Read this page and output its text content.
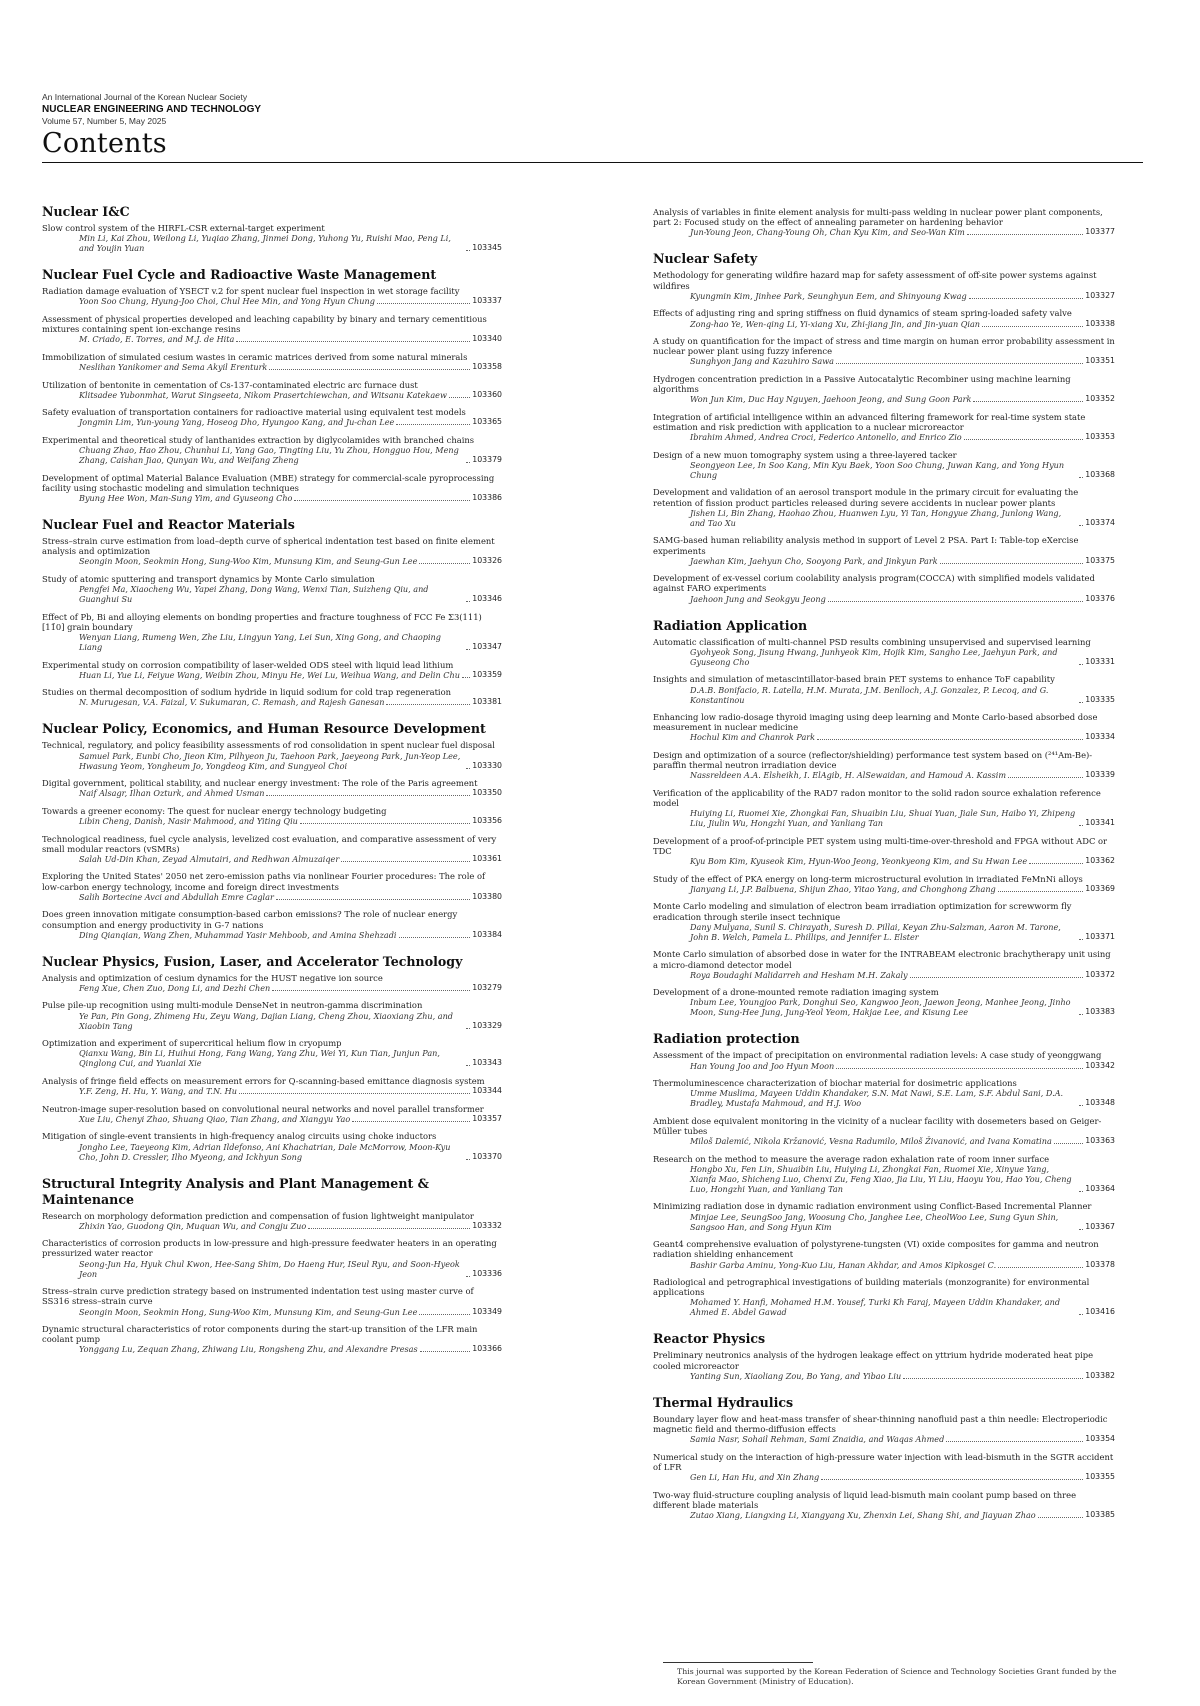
An International Journal of the Korean Nuclear Society
NUCLEAR ENGINEERING AND TECHNOLOGY
Volume 57, Number 5, May 2025
Contents
Nuclear I&C
Slow control system of the HIRFL-CSR external-target experiment
Min Li, Kai Zhou, Weilong Li, Yuqiao Zhang, Jinmei Dong, Yuhong Yu, Ruishi Mao, Peng Li, and Youjin Yuan	103345
Nuclear Fuel Cycle and Radioactive Waste Management
Radiation damage evaluation of YSECT v.2 for spent nuclear fuel inspection in wet storage facility
Yoon Soo Chung, Hyung-Joo Choi, Chul Hee Min, and Yong Hyun Chung	103337
Assessment of physical properties developed and leaching capability by binary and ternary cementitious mixtures containing spent ion-exchange resins
M. Criado, E. Torres, and M.J. de Hita	103340
Immobilization of simulated cesium wastes in ceramic matrices derived from some natural minerals
Neslihan Yanikomer and Sema Akyil Erenturk	103358
Utilization of bentonite in cementation of Cs-137-contaminated electric arc furnace dust
Klitsadee Yubonmhat, Warut Singseeta, Nikom Prasertchiewchan, and Witsanu Katekaew	103360
Safety evaluation of transportation containers for radioactive material using equivalent test models
Jongmin Lim, Yun-young Yang, Hoseog Dho, Hyungoo Kang, and Ju-chan Lee	103365
Experimental and theoretical study of lanthanides extraction by diglycolamides with branched chains
Chuang Zhao, Hao Zhou, Chunhui Li, Yang Gao, Tingting Liu, Yu Zhou, Hongguo Hou, Meng Zhang, Caishan Jiao, Qunyan Wu, and Weifang Zheng	103379
Development of optimal Material Balance Evaluation (MBE) strategy for commercial-scale pyroprocessing facility using stochastic modeling and simulation techniques
Byung Hee Won, Man-Sung Yim, and Gyuseong Cho	103386
Nuclear Fuel and Reactor Materials
Stress–strain curve estimation from load–depth curve of spherical indentation test based on finite element analysis and optimization
Seongin Moon, Seokmin Hong, Sung-Woo Kim, Munsung Kim, and Seung-Gun Lee	103326
Study of atomic sputtering and transport dynamics by Monte Carlo simulation
Pengfei Ma, Xiaocheng Wu, Yapei Zhang, Dong Wang, Wenxi Tian, Suizheng Qiu, and Guanghui Su	103346
Effect of Pb, Bi and alloying elements on bonding properties and fracture toughness of FCC Fe Σ3(111)[11̄0] grain boundary
Wenyan Liang, Rumeng Wen, Zhe Liu, Lingyun Yang, Lei Sun, Xing Gong, and Chaoping Liang	103347
Experimental study on corrosion compatibility of laser-welded ODS steel with liquid lead lithium
Huan Li, Yue Li, Feiyue Wang, Weibin Zhou, Minyu He, Wei Lu, Weihua Wang, and Delin Chu 103359
Studies on thermal decomposition of sodium hydride in liquid sodium for cold trap regeneration
N. Murugesan, V.A. Faizal, V. Sukumaran, C. Remash, and Rajesh Ganesan	103381
Nuclear Policy, Economics, and Human Resource Development
Technical, regulatory, and policy feasibility assessments of rod consolidation in spent nuclear fuel disposal
Samuel Park, Eunbi Cho, Jieon Kim, Pilhyeon Ju, Taehoon Park, Jaeyeong Park, Jun-Yeop Lee, Hwasung Yeom, Yongheum Jo, Yongdeog Kim, and Sungyeol Choi	103330
Digital government, political stability, and nuclear energy investment: The role of the Paris agreement
Naif Alsagr, Ilhan Ozturk, and Ahmed Usman	103350
Towards a greener economy: The quest for nuclear energy technology budgeting
Libin Cheng, Danish, Nasir Mahmood, and Yiting Qiu	103356
Technological readiness, fuel cycle analysis, levelized cost evaluation, and comparative assessment of very small modular reactors (vSMRs)
Salah Ud-Din Khan, Zeyad Almutairi, and Redhwan Almuzaiqer	103361
Exploring the United States' 2050 net zero-emission paths via nonlinear Fourier procedures: The role of low-carbon energy technology, income and foreign direct investments
Salih Bortecine Avci and Abdullah Emre Caglar	103380
Does green innovation mitigate consumption-based carbon emissions? The role of nuclear energy consumption and energy productivity in G-7 nations
Ding Qianqian, Wang Zhen, Muhammad Yasir Mehboob, and Amina Shehzadi	103384
Nuclear Physics, Fusion, Laser, and Accelerator Technology
Analysis and optimization of cesium dynamics for the HUST negative ion source
Feng Xue, Chen Zuo, Dong Li, and Dezhi Chen	103279
Pulse pile-up recognition using multi-module DenseNet in neutron-gamma discrimination
Ye Pan, Pin Gong, Zhimeng Hu, Zeyu Wang, Dajian Liang, Cheng Zhou, Xiaoxiang Zhu, and Xiaobin Tang	103329
Optimization and experiment of supercritical helium flow in cryopump
Qianxu Wang, Bin Li, Huihui Hong, Fang Wang, Yang Zhu, Wei Yi, Kun Tian, Junjun Pan, Qinglong Cui, and Yuanlai Xie	103343
Analysis of fringe field effects on measurement errors for Q-scanning-based emittance diagnosis system
Y.F. Zeng, H. Hu, Y. Wang, and T.N. Hu	103344
Neutron-image super-resolution based on convolutional neural networks and novel parallel transformer
Xue Liu, Chenyi Zhao, Shuang Qiao, Tian Zhang, and Xiangyu Yao	103357
Mitigation of single-event transients in high-frequency analog circuits using choke inductors
Jongho Lee, Taeyeong Kim, Adrian Ildefonso, Ani Khachatrian, Dale McMorrow, Moon-Kyu Cho, John D. Cressler, Ilho Myeong, and Ickhyun Song	103370
Structural Integrity Analysis and Plant Management & Maintenance
Research on morphology deformation prediction and compensation of fusion lightweight manipulator
Zhixin Yao, Guodong Qin, Muquan Wu, and Congju Zuo	103332
Characteristics of corrosion products in low-pressure and high-pressure feedwater heaters in an operating pressurized water reactor
Seong-Jun Ha, Hyuk Chul Kwon, Hee-Sang Shim, Do Haeng Hur, ISeul Ryu, and Soon-Hyeok Jeon	103336
Stress–strain curve prediction strategy based on instrumented indentation test using master curve of SS316 stress–strain curve
Seongin Moon, Seokmin Hong, Sung-Woo Kim, Munsung Kim, and Seung-Gun Lee	103349
Dynamic structural characteristics of rotor components during the start-up transition of the LFR main coolant pump
Yonggang Lu, Zequan Zhang, Zhiwang Liu, Rongsheng Zhu, and Alexandre Presas	103366
Analysis of variables in finite element analysis for multi-pass welding in nuclear power plant components, part 2: Focused study on the effect of annealing parameter on hardening behavior
Jun-Young Jeon, Chang-Young Oh, Chan Kyu Kim, and Seo-Wan Kim	103377
Nuclear Safety
Methodology for generating wildfire hazard map for safety assessment of off-site power systems against wildfires
Kyungmin Kim, Jinhee Park, Seunghyun Eem, and Shinyoung Kwag	103327
Effects of adjusting ring and spring stiffness on fluid dynamics of steam spring-loaded safety valve
Zong-hao Ye, Wen-qing Li, Yi-xiang Xu, Zhi-jiang Jin, and Jin-yuan Qian	103338
A study on quantification for the impact of stress and time margin on human error probability assessment in nuclear power plant using fuzzy inference
Sunghyon Jang and Kazuhiro Sawa	103351
Hydrogen concentration prediction in a Passive Autocatalytic Recombiner using machine learning algorithms
Won Jun Kim, Duc Hay Nguyen, Jaehoon Jeong, and Sung Goon Park	103352
Integration of artificial intelligence within an advanced filtering framework for real-time system state estimation and risk prediction with application to a nuclear microreactor
Ibrahim Ahmed, Andrea Croci, Federico Antonello, and Enrico Zio	103353
Design of a new muon tomography system using a three-layered tacker
Seongyeon Lee, In Soo Kang, Min Kyu Baek, Yoon Soo Chung, Juwan Kang, and Yong Hyun Chung	103368
Development and validation of an aerosol transport module in the primary circuit for evaluating the retention of fission product particles released during severe accidents in nuclear power plants
Jishen Li, Bin Zhang, Haohao Zhou, Huanwen Lyu, Yi Tan, Hongyue Zhang, Junlong Wang, and Tao Xu	103374
SAMG-based human reliability analysis method in support of Level 2 PSA. Part I: Table-top eXercise experiments
Jaewhan Kim, Jaehyun Cho, Sooyong Park, and Jinkyun Park	103375
Development of ex-vessel corium coolability analysis program(COCCA) with simplified models validated against FARO experiments
Jaehoon Jung and Seokgyu Jeong	103376
Radiation Application
Automatic classification of multi-channel PSD results combining unsupervised and supervised learning
Gyohyeok Song, Jisung Hwang, Junhyeok Kim, Hojik Kim, Sangho Lee, Jaehyun Park, and Gyuseong Cho	103331
Insights and simulation of metascintillator-based brain PET systems to enhance ToF capability
D.A.B. Bonifacio, R. Latella, H.M. Murata, J.M. Benlloch, A.J. Gonzalez, P. Lecoq, and G. Konstantinou	103335
Enhancing low radio-dosage thyroid imaging using deep learning and Monte Carlo-based absorbed dose measurement in nuclear medicine
Hochul Kim and Chanrok Park	103334
Design and optimization of a source (reflector/shielding) performance test system based on (²⁴¹Am-Be)-paraffin thermal neutron irradiation device
Nassreldeen A.A. Elsheikh, I. ElAgib, H. AlSewaidan, and Hamoud A. Kassim	103339
Verification of the applicability of the RAD7 radon monitor to the solid radon source exhalation reference model
Huiying Li, Ruomei Xie, Zhongkai Fan, Shuaibin Liu, Shuai Yuan, Jiale Sun, Haibo Yi, Zhipeng Liu, Jiulin Wu, Hongzhi Yuan, and Yanliang Tan	103341
Development of a proof-of-principle PET system using multi-time-over-threshold and FPGA without ADC or TDC
Kyu Bom Kim, Kyuseok Kim, Hyun-Woo Jeong, Yeonkyeong Kim, and Su Hwan Lee	103362
Study of the effect of PKA energy on long-term microstructural evolution in irradiated FeMnNi alloys
Jianyang Li, J.P. Balbuena, Shijun Zhao, Yitao Yang, and Chonghong Zhang	103369
Monte Carlo modeling and simulation of electron beam irradiation optimization for screwworm fly eradication through sterile insect technique
Dany Mulyana, Sunil S. Chirayath, Suresh D. Pillai, Keyan Zhu-Salzman, Aaron M. Tarone, John B. Welch, Pamela L. Phillips, and Jennifer L. Elster	103371
Monte Carlo simulation of absorbed dose in water for the INTRABEAM electronic brachytherapy unit using a micro-diamond detector model
Roya Boudaghi Malidarreh and Hesham M.H. Zakaly	103372
Development of a drone-mounted remote radiation imaging system
Inbum Lee, Youngjoo Park, Donghui Seo, Kangwoo Jeon, Jaewon Jeong, Manhee Jeong, Jinho Moon, Sung-Hee Jung, Jung-Yeol Yeom, Hakjae Lee, and Kisung Lee	103383
Radiation protection
Assessment of the impact of precipitation on environmental radiation levels: A case study of yeonggwang
Han Young Joo and Joo Hyun Moon	103342
Thermoluminescence characterization of biochar material for dosimetric applications
Umme Muslima, Mayeen Uddin Khandaker, S.N. Mat Nawi, S.E. Lam, S.F. Abdul Sani, D.A. Bradley, Mustafa Mahmoud, and H.J. Woo	103348
Ambient dose equivalent monitoring in the vicinity of a nuclear facility with dosemeters based on Geiger-Müller tubes
Miloš Dalетić, Nikola Kržanović, Vesna Radumilo, Miloš Živanović, and Ivana Komatina	103363
Research on the method to measure the average radon exhalation rate of room inner surface
Hongbo Xu, Fen Lin, Shuaibin Liu, Huiying Li, Zhongkai Fan, Ruomei Xie, Xinyue Yang, Xianfa Mao, Shicheng Luo, Chenxi Zu, Feng Xiao, Jia Liu, Yi Liu, Haoyu You, Hao You, Cheng Luo, Hongzhi Yuan, and Yanliang Tan	103364
Minimizing radiation dose in dynamic radiation environment using Conflict-Based Incremental Planner
Minjae Lee, SeungSoo Jang, Woosung Cho, Janghee Lee, CheolWoo Lee, Sung Gyun Shin, Sangsoo Han, and Song Hyun Kim	103367
Geant4 comprehensive evaluation of polystyrene-tungsten (VI) oxide composites for gamma and neutron radiation shielding enhancement
Bashir Garba Aminu, Yong-Kuo Liu, Hanan Akhdar, and Amos Kipkosgei C.	103378
Radiological and petrographical investigations of building materials (monzogranite) for environmental applications
Mohamed Y. Hanfi, Mohamed H.M. Yousef, Turki Kh Faraj, Mayeen Uddin Khandaker, and Ahmed E. Abdel Gawad	103416
Reactor Physics
Preliminary neutronics analysis of the hydrogen leakage effect on yttrium hydride moderated heat pipe cooled microreactor
Yanting Sun, Xiaoliang Zou, Bo Yang, and Yibao Liu	103382
Thermal Hydraulics
Boundary layer flow and heat-mass transfer of shear-thinning nanofluid past a thin needle: Electroperiodic magnetic field and thermo-diffusion effects
Samia Nasr, Sohail Rehman, Sami Znaidia, and Waqas Ahmed	103354
Numerical study on the interaction of high-pressure water injection with lead-bismuth in the SGTR accident of LFR
Gen Li, Han Hu, and Xin Zhang	103355
Two-way fluid-structure coupling analysis of liquid lead-bismuth main coolant pump based on three different blade materials
Zutao Xiang, Liangxing Li, Xiangyang Xu, Zhenxin Lei, Shang Shi, and Jiayuan Zhao	103385
This journal was supported by the Korean Federation of Science and Technology Societies Grant funded by the Korean Government (Ministry of Education).
